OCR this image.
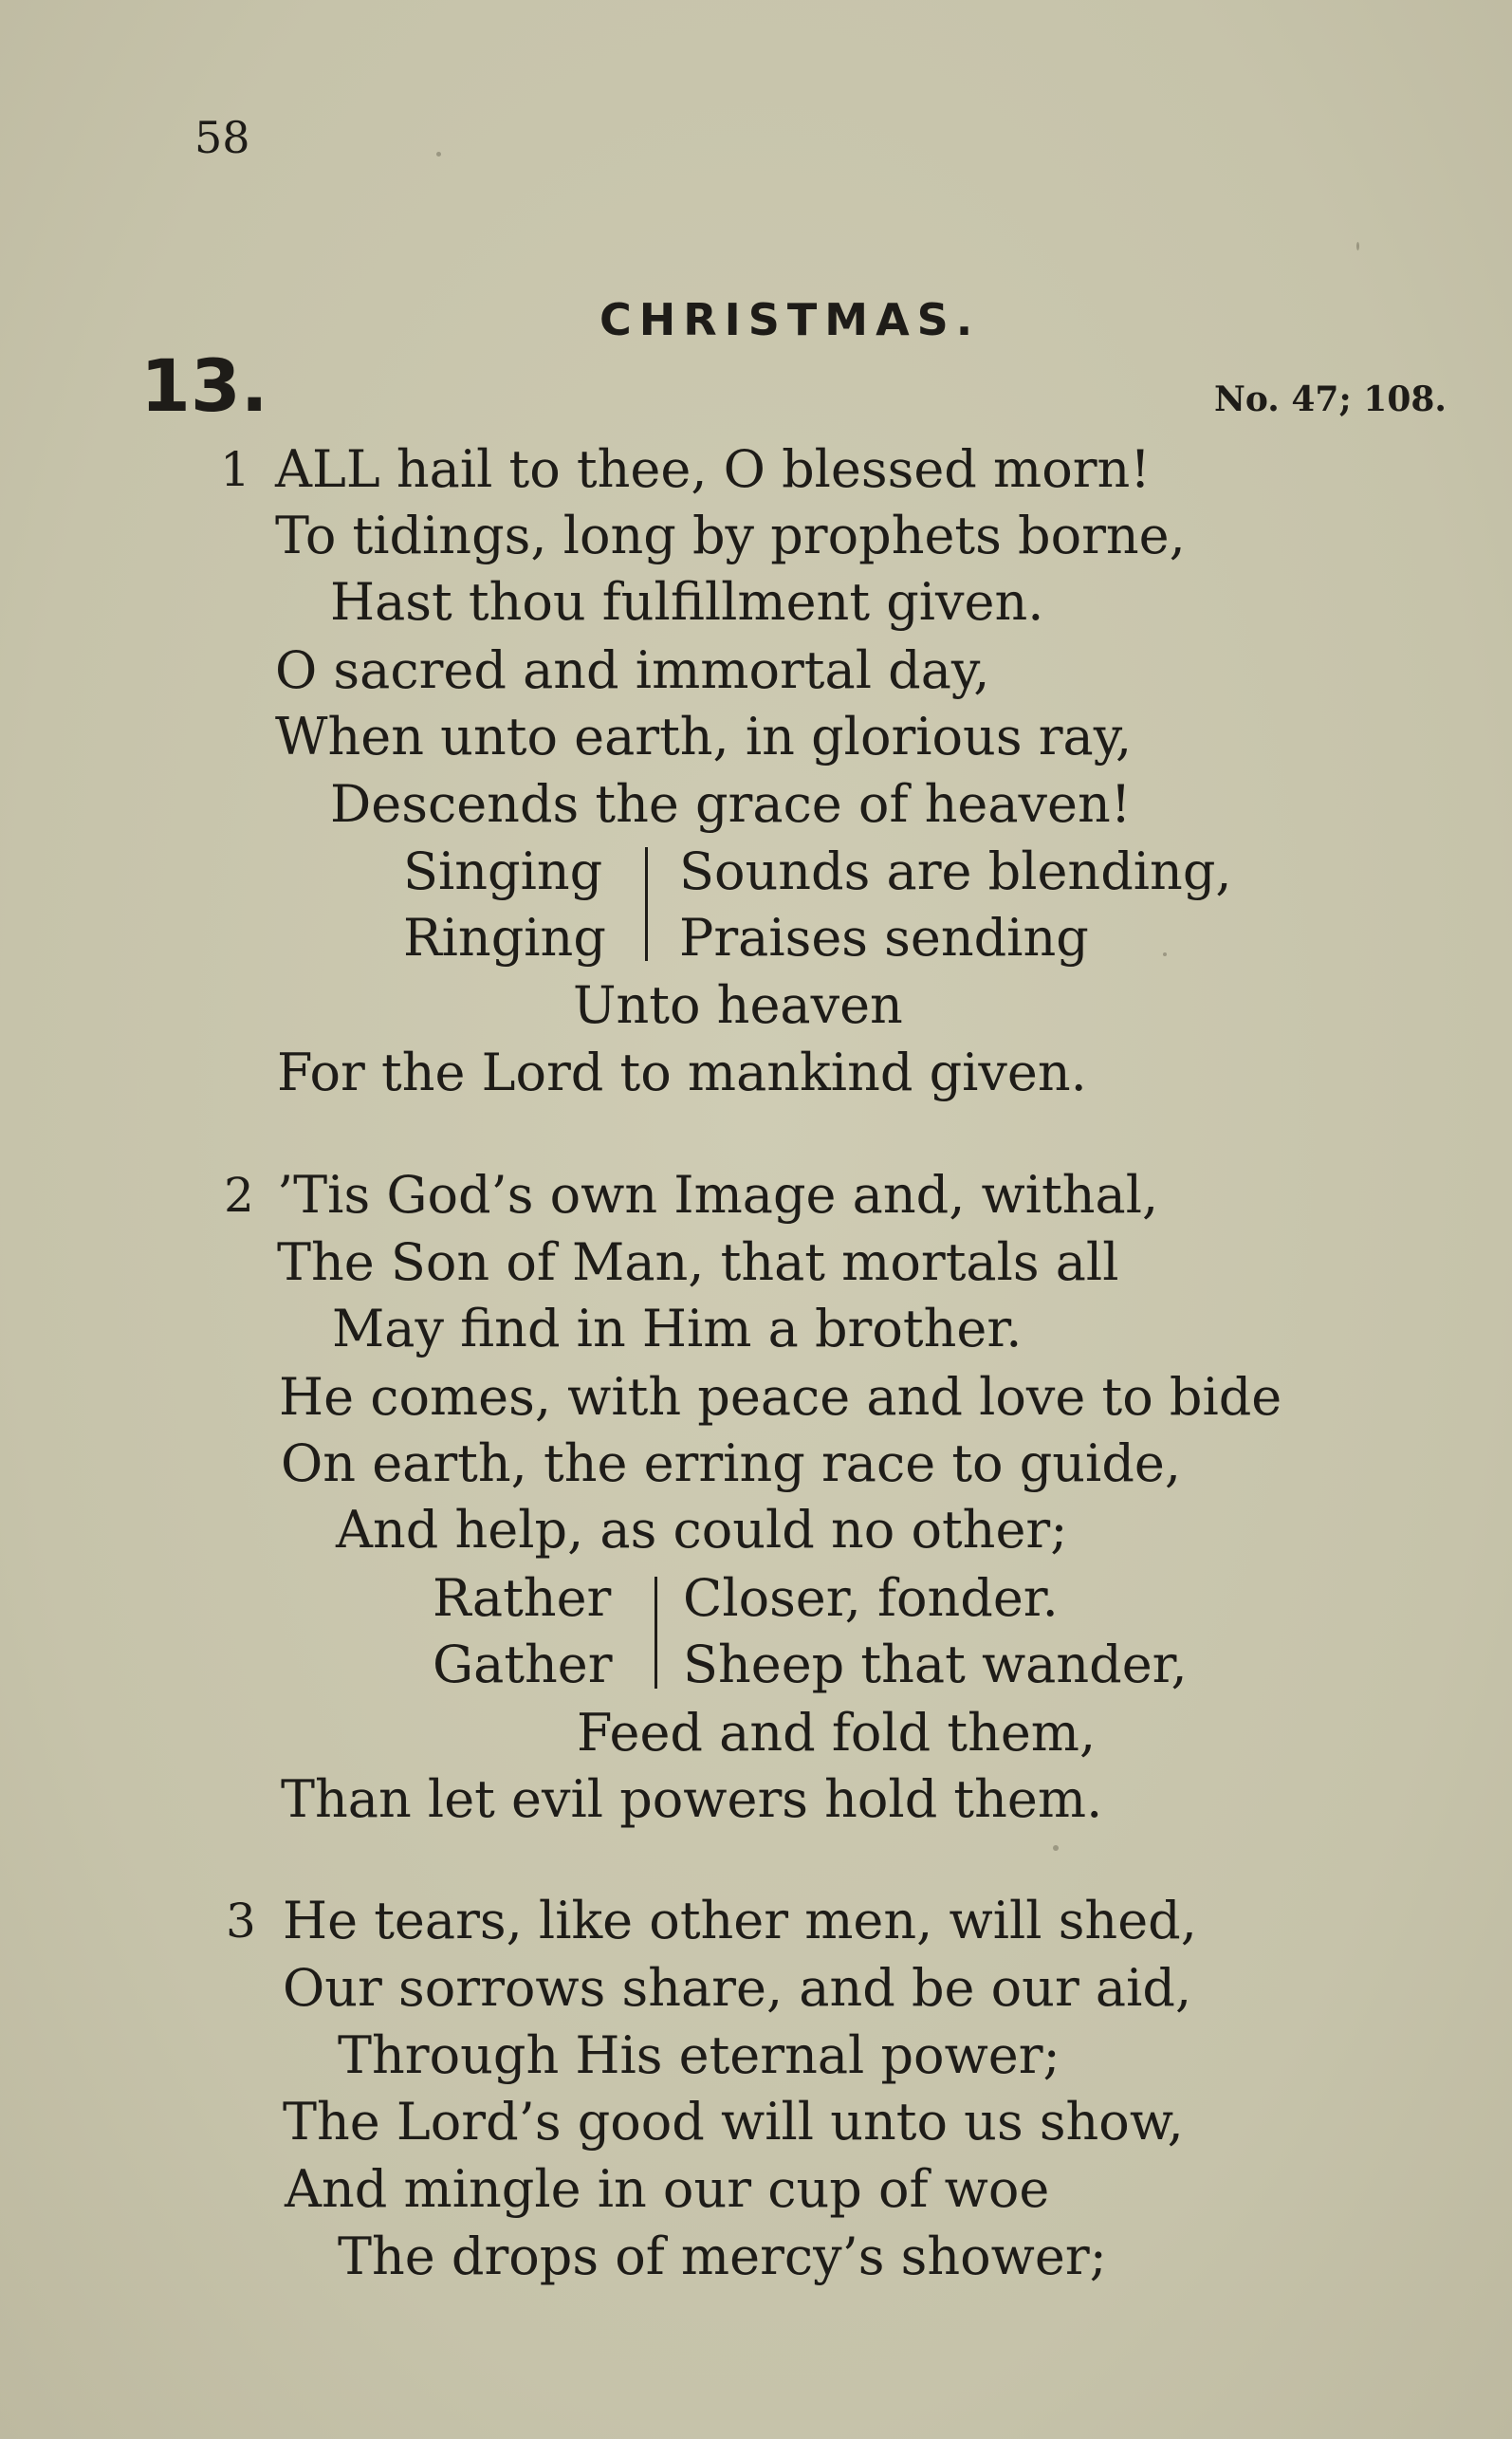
58
CHRISTMAS.
13.	No. 47; 108.
1 ALL hail to thee, O blessed morn!
To tidings, long by prophets borne,
Hast thou fulfillment given.
O sacred and immortal day,
When unto earth, in glorious ray,
Descends the grace of heaven!
Singing
Ringing
Sounds are blending,
Praises sending
Unto heaven
For the Lord to mankind given.
2 ’Tis God’s own Image and, withal,
The Son of Man, that mortals all
May find in Him a brother.
He comes, with peace and love to bide
On earth, the erring race to guide,
And help, as could no other;
Rather
Gather
Closer, fonder.
Sheep that wander,
Feed and fold them,
Than let evil powers hold them.
3 He tears, like other men, will shed,
Our sorrows share, and be our aid,
Through His eternal power;
The Lord’s good will unto us show,
And mingle in our cup of woe
The drops of mercy’s shower;
